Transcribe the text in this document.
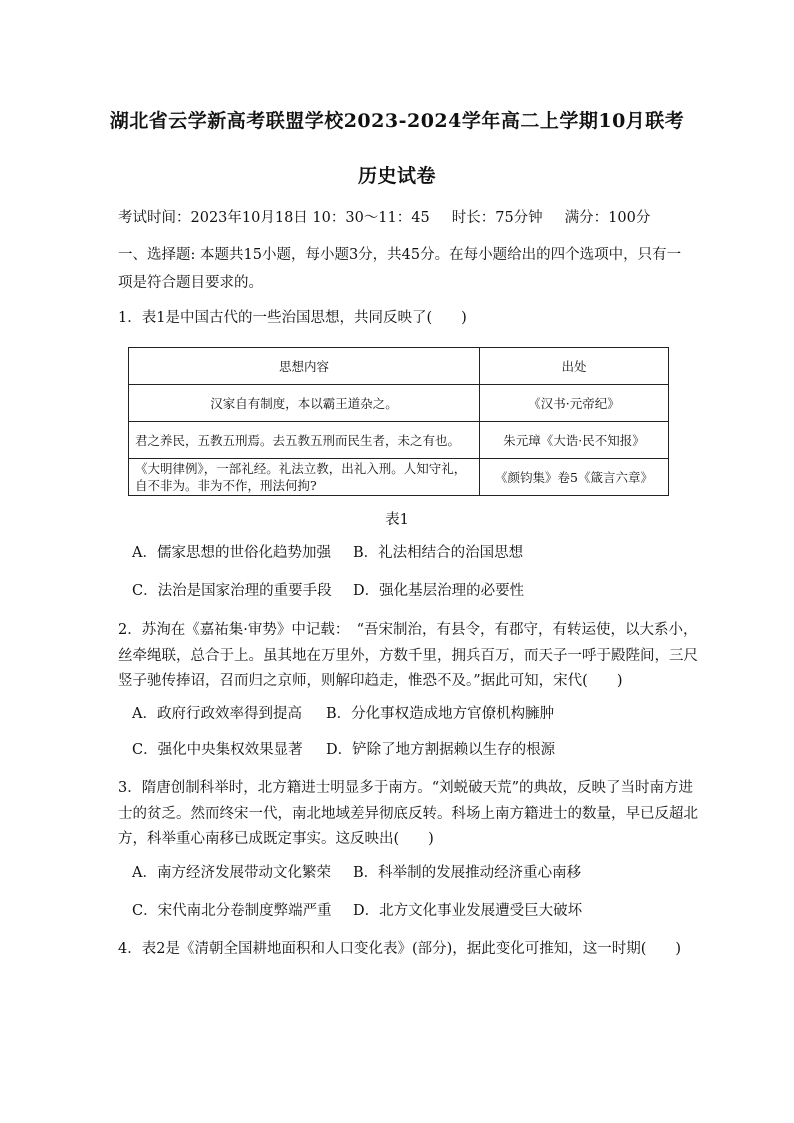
湖北省云学新高考联盟学校2023-2024学年高二上学期10月联考
历史试卷
考试时间：2023年10月18日 10：30～11：45 时长：75分钟 满分：100分
一、选择题: 本题共15小题，每小题3分，共45分。在每小题给出的四个选项中，只有一
项是符合题目要求的。
1．表1是中国古代的一些治国思想，共同反映了(　　)
思想内容	出处
汉家自有制度，本以霸王道杂之。	《汉书·元帝纪》
君之养民，五教五刑焉。去五教五刑而民生者，未之有也。	朱元璋《大诰·民不知报》
《大明律例》，一部礼经。礼法立教，出礼入刑。人知守礼，自不非为。非为不作，刑法何拘?	《颜钧集》卷5《箴言六章》
表1
A．儒家思想的世俗化趋势加强 B．礼法相结合的治国思想
C．法治是国家治理的重要手段 D．强化基层治理的必要性
2．苏洵在《嘉祐集·审势》中记载：　“吾宋制治，有县令，有郡守，有转运使，以大系小，
丝牵绳联，总合于上。虽其地在万里外，方数千里，拥兵百万，而天子一呼于殿陛间，三尺
竖子驰传捧诏，召而归之京师，则解印趋走，惟恐不及。”据此可知，宋代(　　)
A．政府行政效率得到提高 B．分化事权造成地方官僚机构臃肿
C．强化中央集权效果显著 D．铲除了地方割据赖以生存的根源
3．隋唐创制科举时，北方籍进士明显多于南方。“刘蜕破天荒”的典故，反映了当时南方进
士的贫乏。然而终宋一代，南北地域差异彻底反转。科场上南方籍进士的数量，早已反超北
方，科举重心南移已成既定事实。这反映出(　　)
A．南方经济发展带动文化繁荣 B．科举制的发展推动经济重心南移
C．宋代南北分卷制度弊端严重 D．北方文化事业发展遭受巨大破坏
4．表2是《清朝全国耕地面积和人口变化表》(部分)，据此变化可推知，这一时期(　　)
